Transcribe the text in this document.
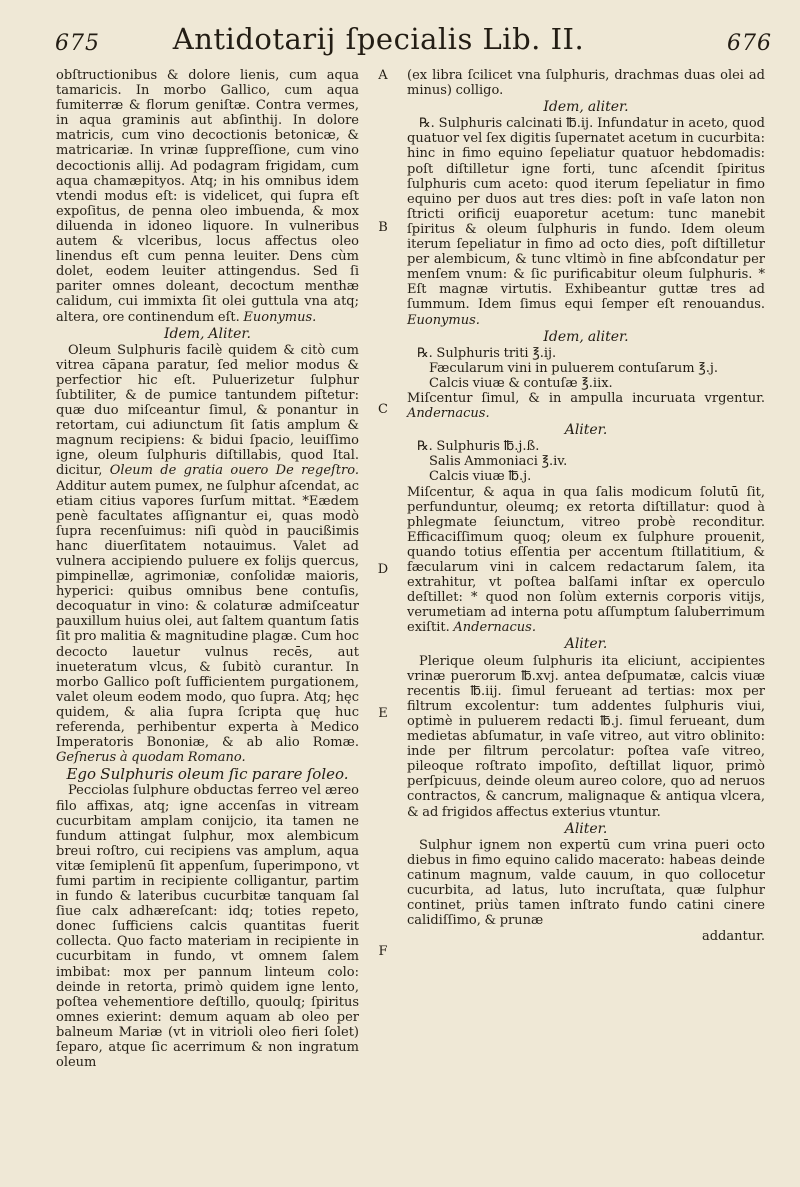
675	Antidotarij ſpecialis Lib. II.	676

obſtructionibus & dolore lienis, cum aqua tamaricis. In morbo Gallico, cum aqua fumiterræ & florum geniſtæ. Contra vermes, in aqua graminis aut abſinthij. In dolore matricis, cum vino decoctionis betonicæ, & matricariæ. In vrinæ ſuppreſſione, cum vino decoctionis allij. Ad podagram frigidam, cum aqua chamæpityos. Atq; in his omnibus idem vtendi modus eſt: is videlicet, qui ſupra eſt expoſitus, de penna oleo imbuenda, & mox diluenda in idoneo liquore. In vulneribus autem & vlceribus, locus affectus oleo linendus eſt cum penna leuiter. Dens cùm dolet, eodem leuiter attingendus. Sed ſi pariter omnes doleant, decoctum menthæ calidum, cui immixta ſit olei guttula vna atq; altera, ore continendum eſt. Euonymus.

Idem, Aliter.

Oleum Sulphuris facilè quidem & citò cum vitrea cāpana paratur, ſed melior modus & perfectior hic eſt. Puluerizetur ſulphur ſubtiliter, & de pumice tantundem piſtetur: quæ duo miſceantur ſimul, & ponantur in retortam, cui adiunctum ſit ſatis amplum & magnum recipiens: & bidui ſpacio, leuiſſimo igne, oleum ſulphuris diſtillabis, quod Ital. dicitur, Oleum de gratia ouero De regeſtro. Additur autem pumex, ne ſulphur aſcendat, ac etiam citius vapores ſurſum mittat. *Eædem penè facultates aſſignantur ei, quas modò ſupra recenſuimus: niſi quòd in paucißimis hanc diuerſitatem notauimus. Valet ad vulnera accipiendo puluere ex folijs quercus, pimpinellæ, agrimoniæ, conſolidæ maioris, hyperici: quibus omnibus bene contuſis, decoquatur in vino: & colaturæ admiſceatur pauxillum huius olei, aut ſaltem quantum ſatis ſit pro malitia & magnitudine plagæ. Cum hoc decocto lauetur vulnus recēs, aut inueteratum vlcus, & ſubitò curantur. In morbo Gallico poſt ſufficientem purgationem, valet oleum eodem modo, quo ſupra. Atq; hęc quidem, & alia ſupra ſcripta quę huc referenda, perhibentur experta à Medico Imperatoris Bononiæ, & ab alio Romæ. Geſnerus à quodam Romano.

Ego Sulphuris oleum ſic parare ſoleo.

Pecciolas ſulphure obductas ferreo vel æreo filo affixas, atq; igne accenſas in vitream cucurbitam amplam conijcio, ita tamen ne fundum attingat ſulphur, mox alembicum breui roſtro, cui recipiens vas amplum, aqua vitæ ſemiplenū ſit appenſum, ſuperimpono, vt fumi partim in recipiente colligantur, partim in fundo & lateribus cucurbitæ tanquam ſal ſiue calx adhæreſcant: idq; toties repeto, donec ſufficiens calcis quantitas fuerit collecta. Quo facto materiam in recipiente in cucurbitam in fundo, vt omnem ſalem imbibat: mox per pannum linteum colo: deinde in retorta, primò quidem igne lento, poſtea vehementiore deſtillo, quoulq; ſpiritus omnes exierint: demum aquam ab oleo per balneum Mariæ (vt in vitrioli oleo fieri ſolet) ſeparo, atque ſic acerrimum & non ingratum oleum

A
B
C
D
E
F

(ex libra ſcilicet vna ſulphuris, drachmas duas olei ad minus) colligo.

Idem, aliter.

℞. Sulphuris calcinati ℔.ij. Infundatur in aceto, quod quatuor vel ſex digitis ſupernatet acetum in cucurbita: hinc in fimo equino ſepeliatur quatuor hebdomadis: poſt diſtilletur igne forti, tunc aſcendit ſpiritus ſulphuris cum aceto: quod iterum ſepeliatur in fimo equino per duos aut tres dies: poſt in vaſe laton non ſtricti orificij euaporetur acetum: tunc manebit ſpiritus & oleum ſulphuris in fundo. Idem oleum iterum ſepeliatur in fimo ad octo dies, poſt diſtilletur per alembicum, & tunc vltimò in fine abſcondatur per menſem vnum: & ſic purificabitur oleum ſulphuris. * Eſt magnæ virtutis. Exhibeantur guttæ tres ad ſummum. Idem ſimus equi ſemper eſt renouandus. Euonymus.

Idem, aliter.
℞. Sulphuris triti ℥.ij.
Fæcularum vini in puluerem contuſarum ℥.j.
Calcis viuæ & contuſæ ℥.iix.

Miſcentur ſimul, & in ampulla incuruata vrgentur. Andernacus.

Aliter.
℞. Sulphuris ℔.j.ß.
Salis Ammoniaci ℥.iv.
Calcis viuæ ℔.j.

Miſcentur, & aqua in qua ſalis modicum ſolutū ſit, perfunduntur, oleumq; ex retorta diſtillatur: quod à phlegmate ſeiunctum, vitreo probè reconditur. Efficaciſſimum quoq; oleum ex ſulphure prouenit, quando totius eſſentia per accentum ſtillatitium, & fæcularum vini in calcem redactarum ſalem, ita extrahitur, vt poſtea balſami inſtar ex operculo deſtillet: * quod non ſolùm externis corporis vitijs, verumetiam ad interna potu aſſumptum ſaluberrimum exiſtit. Andernacus.

Aliter.

Plerique oleum ſulphuris ita eliciunt, accipientes vrinæ puerorum ℔.xvj. antea deſpumatæ, calcis viuæ recentis ℔.iij. ſimul ferueant ad tertias: mox per filtrum excolentur: tum addentes ſulphuris viui, optimè in puluerem redacti ℔.j. ſimul ferueant, dum medietas abſumatur, in vaſe vitreo, aut vitro oblinito: inde per filtrum percolatur: poſtea vaſe vitreo, pileoque roſtrato impoſito, deſtillat liquor, primò perſpicuus, deinde oleum aureo colore, quo ad neruos contractos, & cancrum, malignaque & antiqua vlcera, & ad frigidos affectus exterius vtuntur.

Aliter.

Sulphur ignem non expertū cum vrina pueri octo diebus in fimo equino calido macerato: habeas deinde catinum magnum, valde cauum, in quo collocetur cucurbita, ad latus, luto incruſtata, quæ ſulphur continet, priùs tamen inſtrato fundo catini cinere calidiſſimo, & prunæ

addantur.
